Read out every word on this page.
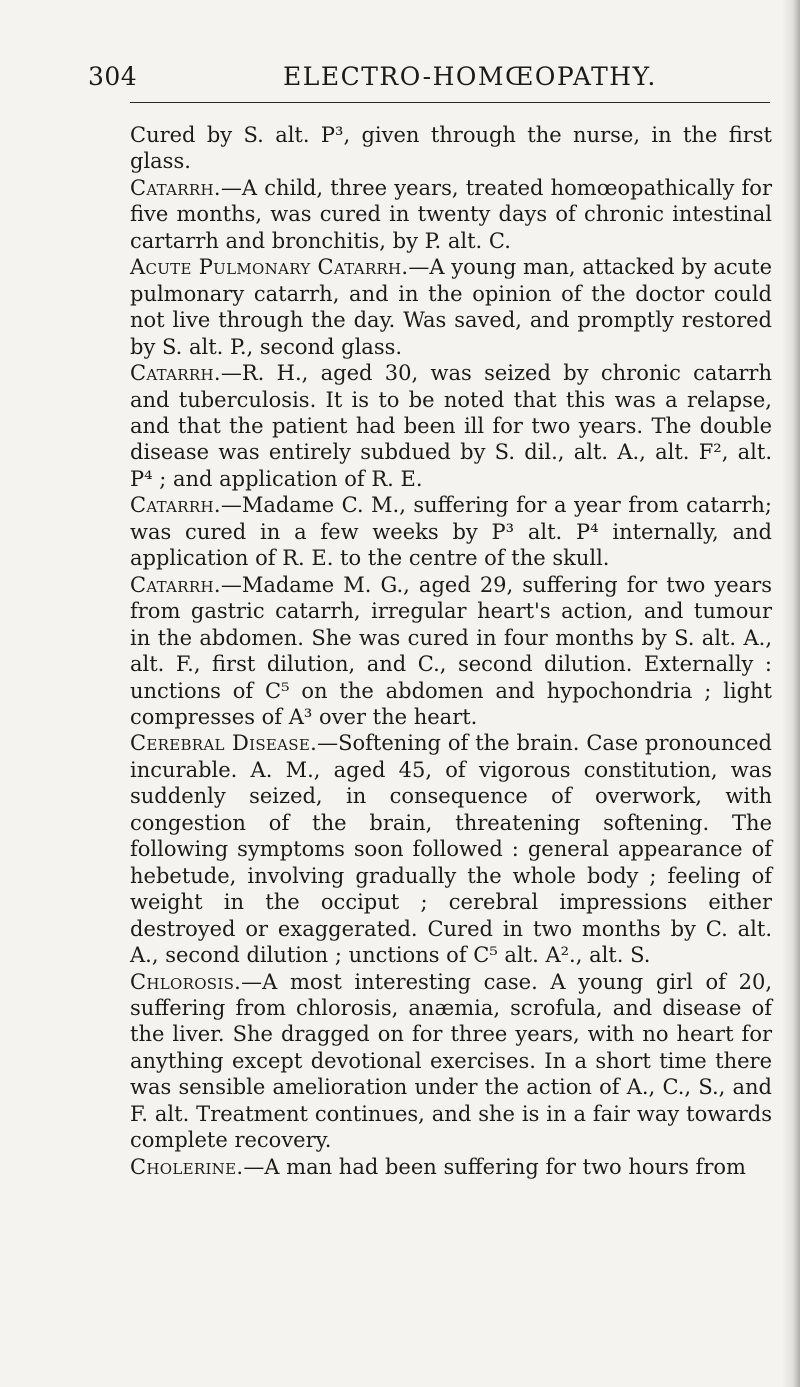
304	ELECTRO-HOMŒOPATHY.

Cured by S. alt. P³, given through the nurse, in the first glass.

Catarrh.—A child, three years, treated homœopathically for five months, was cured in twenty days of chronic intestinal cartarrh and bronchitis, by P. alt. C.

Acute Pulmonary Catarrh.—A young man, attacked by acute pulmonary catarrh, and in the opinion of the doctor could not live through the day. Was saved, and promptly restored by S. alt. P., second glass.

Catarrh.—R. H., aged 30, was seized by chronic catarrh and tuberculosis. It is to be noted that this was a relapse, and that the patient had been ill for two years. The double disease was entirely subdued by S. dil., alt. A., alt. F², alt. P⁴ ; and application of R. E.

Catarrh.—Madame C. M., suffering for a year from catarrh; was cured in a few weeks by P³ alt. P⁴ internally, and application of R. E. to the centre of the skull.

Catarrh.—Madame M. G., aged 29, suffering for two years from gastric catarrh, irregular heart's action, and tumour in the abdomen. She was cured in four months by S. alt. A., alt. F., first dilution, and C., second dilution. Externally : unctions of C⁵ on the abdomen and hypochondria ; light compresses of A³ over the heart.

Cerebral Disease.—Softening of the brain. Case pronounced incurable. A. M., aged 45, of vigorous constitution, was suddenly seized, in consequence of overwork, with congestion of the brain, threatening softening. The following symptoms soon followed : general appearance of hebetude, involving gradually the whole body ; feeling of weight in the occiput ; cerebral impressions either destroyed or exaggerated. Cured in two months by C. alt. A., second dilution ; unctions of C⁵ alt. A²., alt. S.

Chlorosis.—A most interesting case. A young girl of 20, suffering from chlorosis, anæmia, scrofula, and disease of the liver. She dragged on for three years, with no heart for anything except devotional exercises. In a short time there was sensible amelioration under the action of A., C., S., and F. alt. Treatment continues, and she is in a fair way towards complete recovery.

Cholerine.—A man had been suffering for two hours from
